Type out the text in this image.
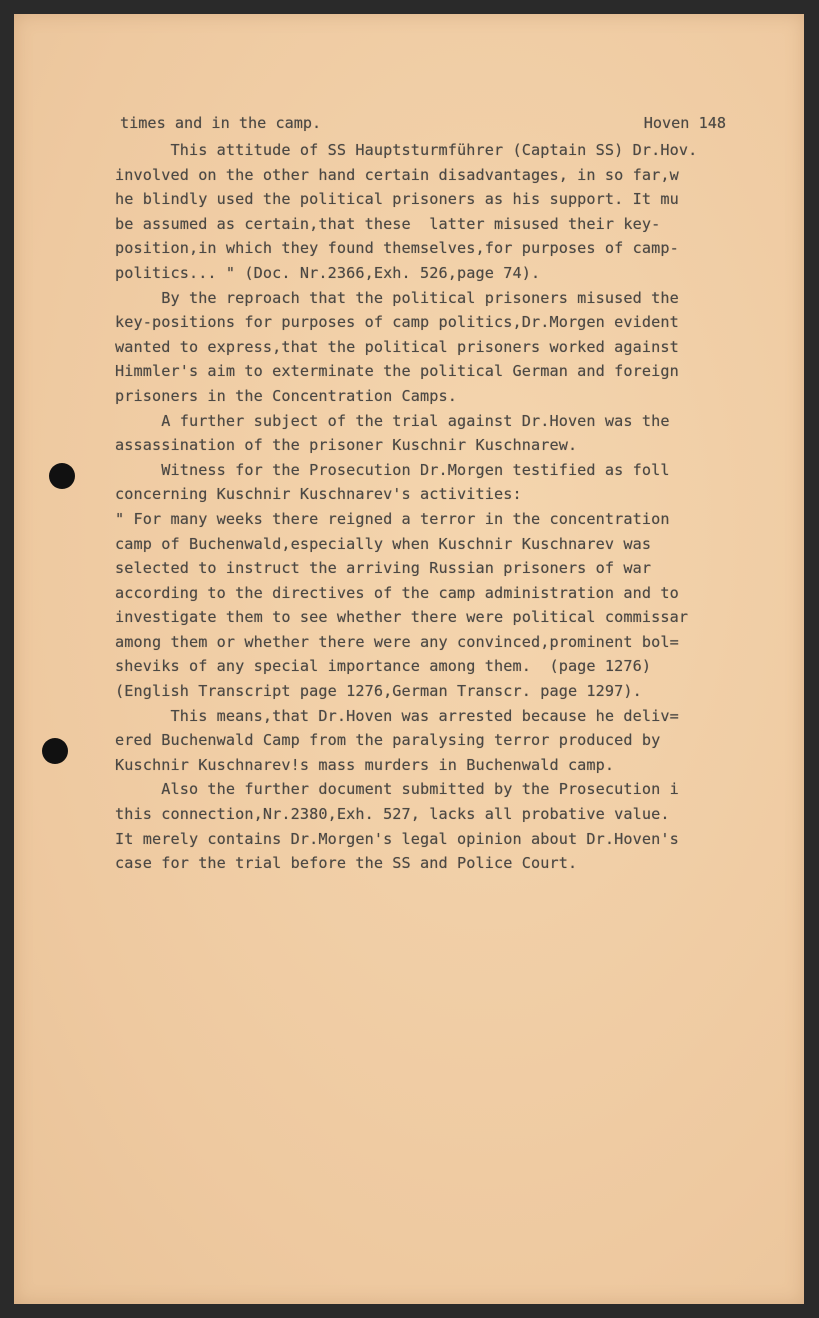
times and in the camp.	Hoven 148
This attitude of SS Hauptsturmführer (Captain SS) Dr.Hov.
involved on the other hand certain disadvantages, in so far,w
he blindly used the political prisoners as his support. It mu
be assumed as certain,that these  latter misused their key-
position,in which they found themselves,for purposes of camp-
politics... " (Doc. Nr.2366,Exh. 526,page 74).
By the reproach that the political prisoners misused the
key-positions for purposes of camp politics,Dr.Morgen evident
wanted to express,that the political prisoners worked against
Himmler's aim to exterminate the political German and foreign
prisoners in the Concentration Camps.
A further subject of the trial against Dr.Hoven was the
assassination of the prisoner Kuschnir Kuschnarew.
Witness for the Prosecution Dr.Morgen testified as foll
concerning Kuschnir Kuschnarev's activities:
" For many weeks there reigned a terror in the concentration
camp of Buchenwald,especially when Kuschnir Kuschnarev was
selected to instruct the arriving Russian prisoners of war
according to the directives of the camp administration and to
investigate them to see whether there were political commissar
among them or whether there were any convinced,prominent bol=
sheviks of any special importance among them.  (page 1276)
(English Transcript page 1276,German Transcr. page 1297).
This means,that Dr.Hoven was arrested because he deliv=
ered Buchenwald Camp from the paralysing terror produced by
Kuschnir Kuschnarev!s mass murders in Buchenwald camp.
Also the further document submitted by the Prosecution i
this connection,Nr.2380,Exh. 527, lacks all probative value.
It merely contains Dr.Morgen's legal opinion about Dr.Hoven's
case for the trial before the SS and Police Court.
